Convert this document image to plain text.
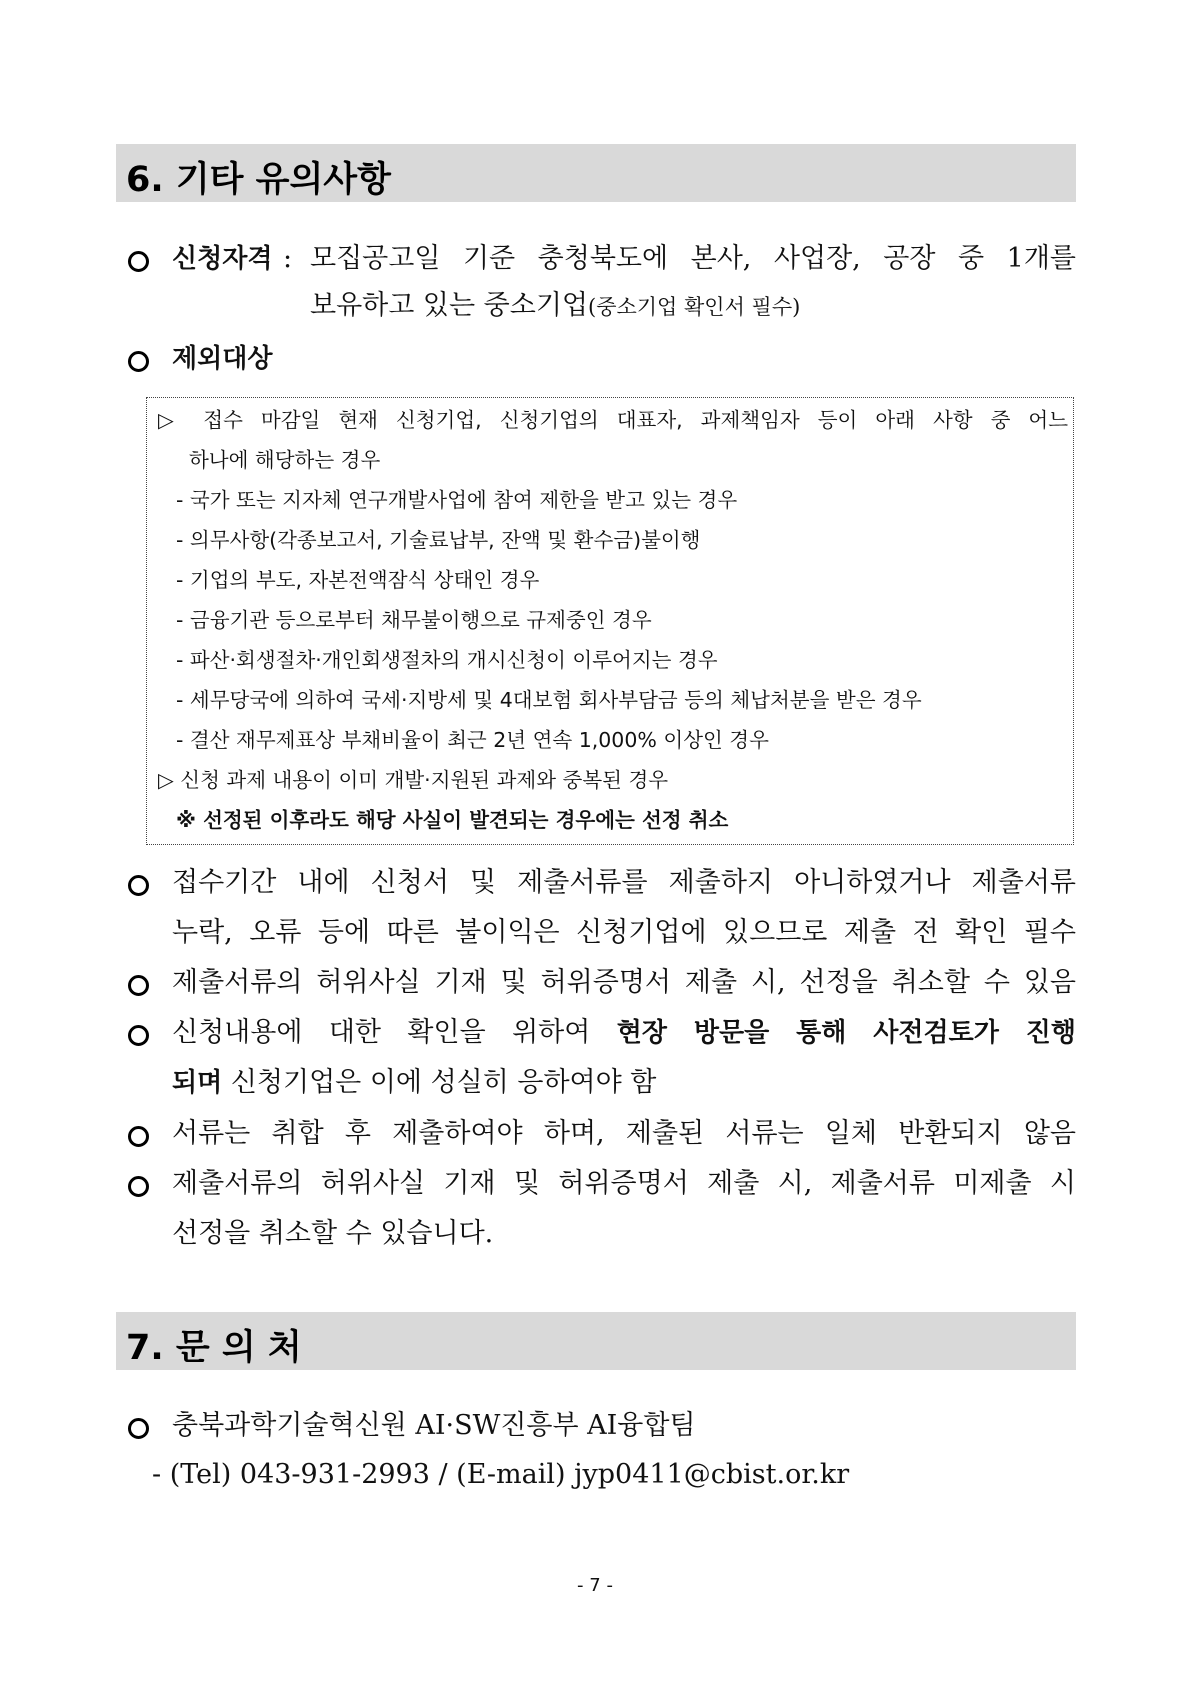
6. 기타 유의사항
신청자격 : 모집공고일 기준 충청북도에 본사, 사업장, 공장 중 1개를
보유하고 있는 중소기업(중소기업 확인서 필수)
제외대상
▷ 접수 마감일 현재 신청기업, 신청기업의 대표자, 과제책임자 등이 아래 사항 중 어느
하나에 해당하는 경우
- 국가 또는 지자체 연구개발사업에 참여 제한을 받고 있는 경우
- 의무사항(각종보고서, 기술료납부, 잔액 및 환수금)불이행
- 기업의 부도, 자본전액잠식 상태인 경우
- 금융기관 등으로부터 채무불이행으로 규제중인 경우
- 파산·회생절차·개인회생절차의 개시신청이 이루어지는 경우
- 세무당국에 의하여 국세·지방세 및 4대보험 회사부담금 등의 체납처분을 받은 경우
- 결산 재무제표상 부채비율이 최근 2년 연속 1,000% 이상인 경우
▷ 신청 과제 내용이 이미 개발·지원된 과제와 중복된 경우
※ 선정된 이후라도 해당 사실이 발견되는 경우에는 선정 취소
접수기간 내에 신청서 및 제출서류를 제출하지 아니하였거나 제출서류
누락, 오류 등에 따른 불이익은 신청기업에 있으므로 제출 전 확인 필수
제출서류의 허위사실 기재 및 허위증명서 제출 시, 선정을 취소할 수 있음
신청내용에 대한 확인을 위하여 현장 방문을 통해 사전검토가 진행
되며 신청기업은 이에 성실히 응하여야 함
서류는 취합 후 제출하여야 하며, 제출된 서류는 일체 반환되지 않음
제출서류의 허위사실 기재 및 허위증명서 제출 시, 제출서류 미제출 시
선정을 취소할 수 있습니다.
7. 문 의 처
충북과학기술혁신원 AI·SW진흥부 AI융합팀
- (Tel) 043-931-2993 / (E-mail) jyp0411@cbist.or.kr
- 7 -
